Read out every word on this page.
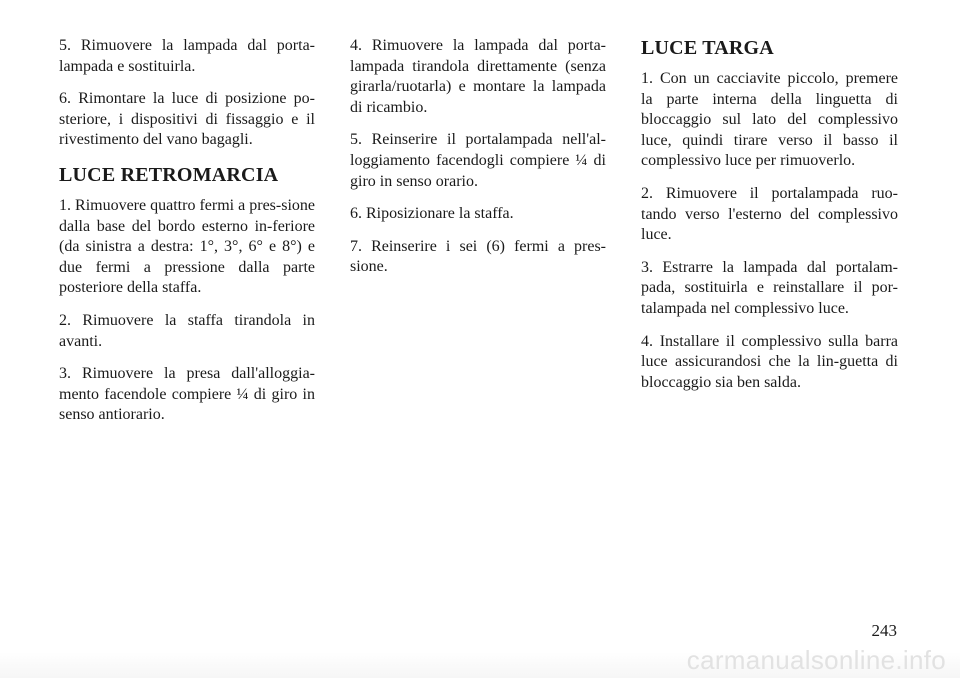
5. Rimuovere la lampada dal porta-lampada e sostituirla.

6. Rimontare la luce di posizione po-steriore, i dispositivi di fissaggio e il rivestimento del vano bagagli.

LUCE RETROMARCIA

1. Rimuovere quattro fermi a pres-sione dalla base del bordo esterno in-feriore (da sinistra a destra: 1°, 3°, 6° e 8°) e due fermi a pressione dalla parte posteriore della staffa.

2. Rimuovere la staffa tirandola in avanti.

3. Rimuovere la presa dall'alloggia-mento facendole compiere ¼ di giro in senso antiorario.

4. Rimuovere la lampada dal porta-lampada tirandola direttamente (senza girarla/ruotarla) e montare la lampada di ricambio.

5. Reinserire il portalampada nell'al-loggiamento facendogli compiere ¼ di giro in senso orario.

6. Riposizionare la staffa.

7. Reinserire i sei (6) fermi a pres-sione.

LUCE TARGA

1. Con un cacciavite piccolo, premere la parte interna della linguetta di bloccaggio sul lato del complessivo luce, quindi tirare verso il basso il complessivo luce per rimuoverlo.

2. Rimuovere il portalampada ruo-tando verso l'esterno del complessivo luce.

3. Estrarre la lampada dal portalam-pada, sostituirla e reinstallare il por-talampada nel complessivo luce.

4. Installare il complessivo sulla barra luce assicurandosi che la lin-guetta di bloccaggio sia ben salda.

243
carmanualsonline.info
